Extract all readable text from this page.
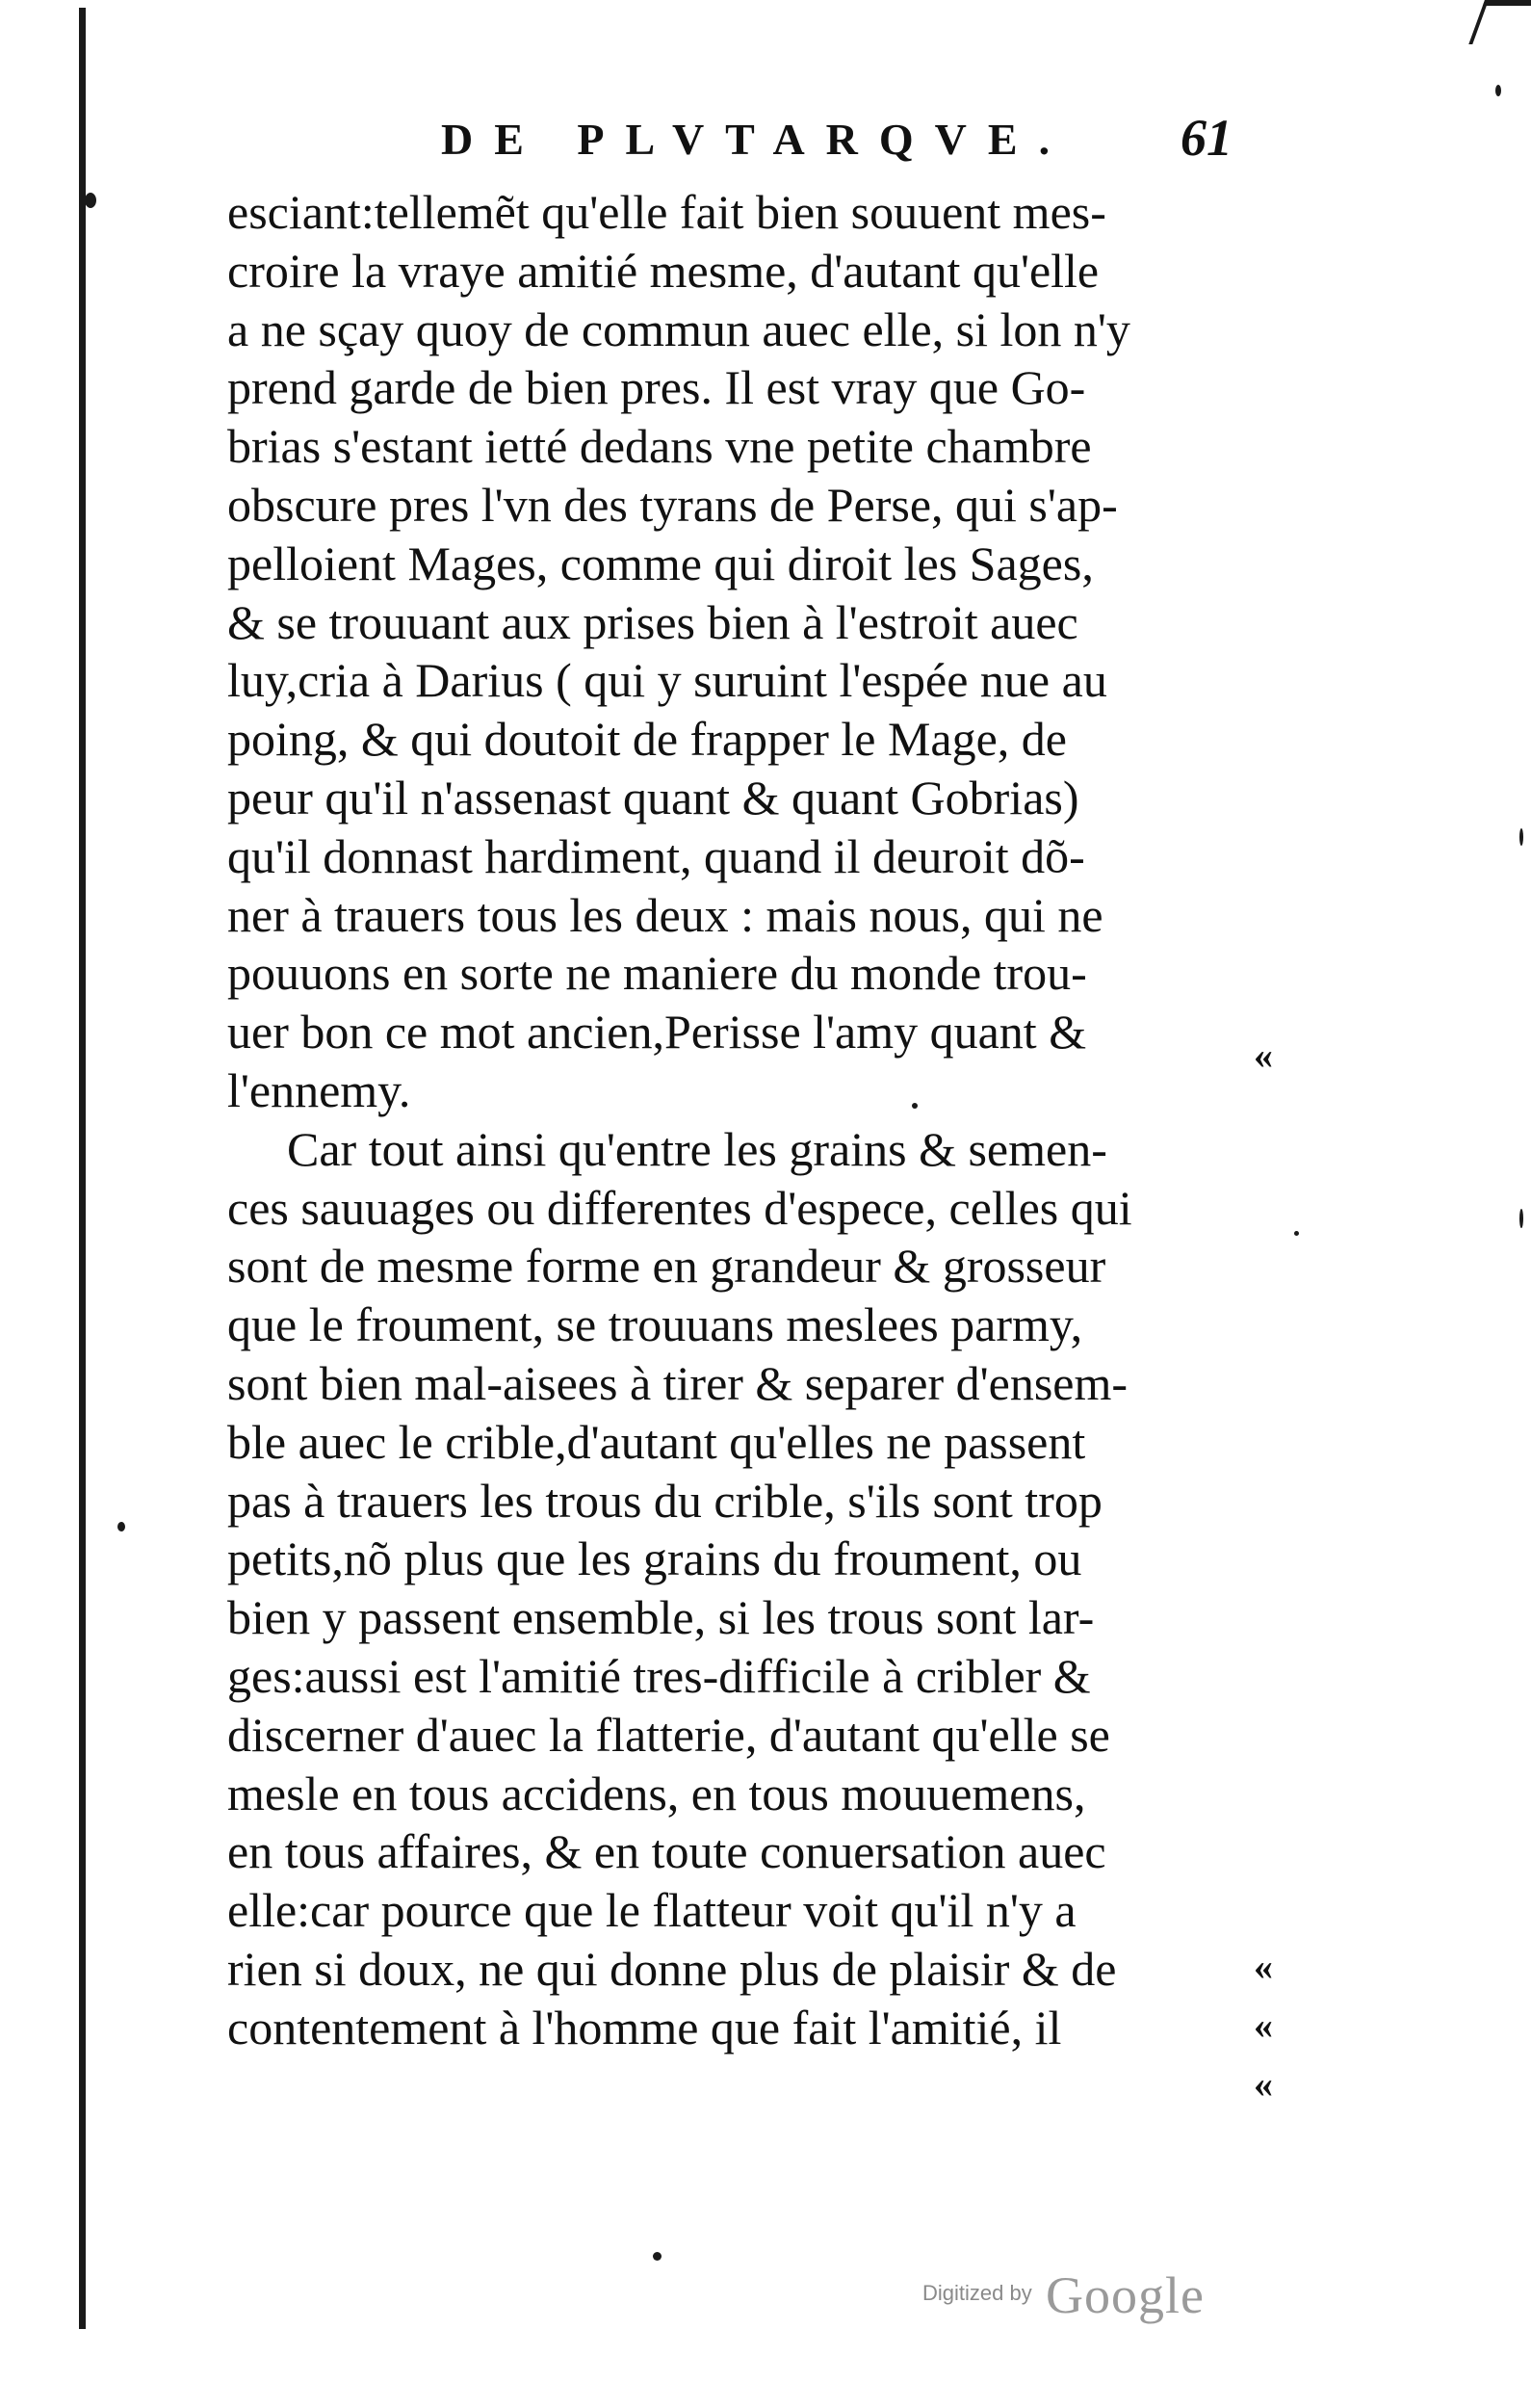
DE PLVTARQVE. 61
esciant:tellemẽt qu'elle fait bien souuent mes-
croire la vraye amitié mesme, d'autant qu'elle
a ne sçay quoy de commun auec elle, si lon n'y
prend garde de bien pres. Il est vray que Go-
brias s'estant ietté dedans vne petite chambre
obscure pres l'vn des tyrans de Perse, qui s'ap-
pelloient Mages, comme qui diroit les Sages,
& se trouuant aux prises bien à l'estroit auec
luy,cria à Darius ( qui y suruint l'espée nue au
poing, & qui doutoit de frapper le Mage, de
peur qu'il n'assenast quant & quant Gobrias)
qu'il donnast hardiment, quand il deuroit dõ-
ner à trauers tous les deux : mais nous, qui ne
pouuons en sorte ne maniere du monde trou-
uer bon ce mot ancien,Perisse l'amy quant &
l'ennemy.
Car tout ainsi qu'entre les grains & semen-
ces sauuages ou differentes d'espece, celles qui
sont de mesme forme en grandeur & grosseur
que le froument, se trouuans meslees parmy,
sont bien mal-aisees à tirer & separer d'ensem-
ble auec le crible,d'autant qu'elles ne passent
pas à trauers les trous du crible, s'ils sont trop
petits,nõ plus que les grains du froument, ou
bien y passent ensemble, si les trous sont lar-
ges:aussi est l'amitié tres-difficile à cribler &
discerner d'auec la flatterie, d'autant qu'elle se
mesle en tous accidens, en tous mouuemens,
en tous affaires, & en toute conuersation auec
elle:car pource que le flatteur voit qu'il n'y a
rien si doux, ne qui donne plus de plaisir & de
contentement à l'homme que fait l'amitié, il
«
«
«
«
Digitized by Google
